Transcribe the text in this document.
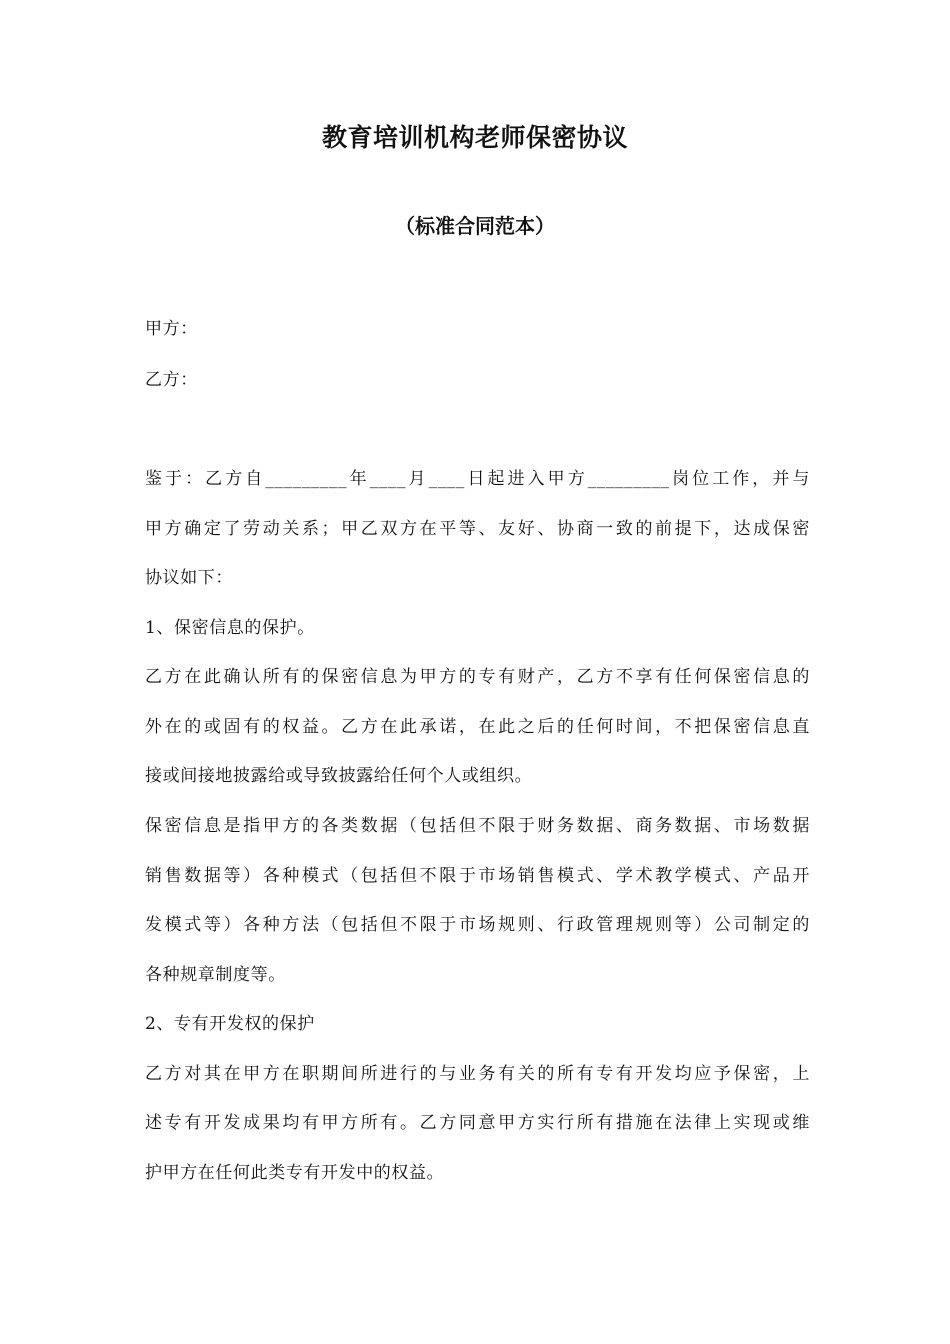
教育培训机构老师保密协议
（标准合同范本）
甲方：
乙方：
鉴于：乙方自_________年____月____日起进入甲方_________岗位工作，并与
甲方确定了劳动关系；甲乙双方在平等、友好、协商一致的前提下，达成保密
协议如下：
1、保密信息的保护。
乙方在此确认所有的保密信息为甲方的专有财产，乙方不享有任何保密信息的
外在的或固有的权益。乙方在此承诺，在此之后的任何时间，不把保密信息直
接或间接地披露给或导致披露给任何个人或组织。
保密信息是指甲方的各类数据（包括但不限于财务数据、商务数据、市场数据
销售数据等）各种模式（包括但不限于市场销售模式、学术教学模式、产品开
发模式等）各种方法（包括但不限于市场规则、行政管理规则等）公司制定的
各种规章制度等。
2、专有开发权的保护
乙方对其在甲方在职期间所进行的与业务有关的所有专有开发均应予保密，上
述专有开发成果均有甲方所有。乙方同意甲方实行所有措施在法律上实现或维
护甲方在任何此类专有开发中的权益。
